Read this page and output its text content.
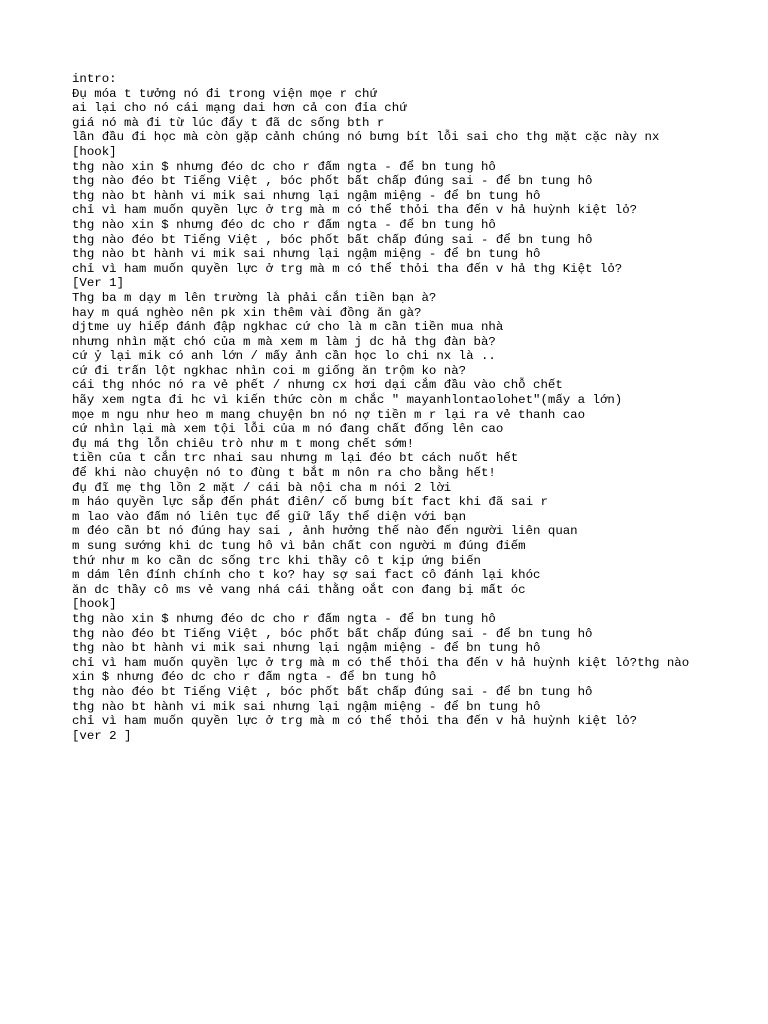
intro:
Đụ móa t tưởng nó đi trong viện mọe r chứ
ai lại cho nó cái mạng dai hơn cả con đỉa chứ
giá nó mà đi từ lúc đẩy t đã dc sống bth r
lần đầu đi học mà còn gặp cảnh chúng nó bưng bít lỗi sai cho thg mặt cặc này nx
[hook]
thg nào xin $ nhưng đéo dc cho r đấm ngta - để bn tung hô
thg nào đéo bt Tiếng Việt , bóc phốt bất chấp đúng sai - để bn tung hô
thg nào bt hành vi mik sai nhưng lại ngậm miệng - để bn tung hô
chỉ vì ham muốn quyền lực ở trg mà m có thể thỏi tha đến v hả huỳnh kiệt lỏ?
thg nào xin $ nhưng đéo dc cho r đấm ngta - để bn tung hô
thg nào đéo bt Tiếng Việt , bóc phốt bất chấp đúng sai - để bn tung hô
thg nào bt hành vi mik sai nhưng lại ngậm miệng - để bn tung hô
chỉ vì ham muốn quyền lực ở trg mà m có thể thỏi tha đến v hả thg Kiệt lỏ?
[Ver 1]
Thg ba m dạy m lên trường là phải cắn tiền bạn à?
hay m quá nghèo nên pk xin thêm vài đồng ăn gà?
djtme uy hiếp đánh đập ngkhac cứ cho là m cần tiền mua nhà
nhưng nhìn mặt chó của m mà xem m làm j dc hả thg đàn bà?
cứ ỷ lại mik có anh lớn / mấy ảnh cần học lo chi nx là ..
cứ đi trấn lột ngkhac nhìn coi m giống ăn trộm ko nà?
cái thg nhóc nó ra vẻ phết / nhưng cx hơi dại cắm đầu vào chỗ chết
hãy xem ngta đi hc vì kiến thức còn m chắc " mayanhlontaolohet"(mấy a lớn)
mọe m ngu như heo m mang chuyện bn nó nợ tiền m r lại ra vẻ thanh cao
cứ nhìn lại mà xem tội lỗi của m nó đang chất đống lên cao
đụ má thg lỗn chiêu trò như m t mong chết sớm!
tiền của t cắn trc nhai sau nhưng m lại đéo bt cách nuốt hết
để khi nào chuyện nó to đùng t bắt m nôn ra cho bằng hết!
đụ đĩ mẹ thg lồn 2 mặt / cái bà nội cha m nói 2 lời
m háo quyền lực sắp đến phát điên/ cố bưng bít fact khi đã sai r
m lao vào đấm nó liên tục để giữ lấy thể diện với bạn
m đéo cần bt nó đúng hay sai , ảnh hưởng thế nào đến người liên quan
m sung sướng khi dc tung hô vì bản chất con người m đúng điếm
thứ như m ko cần dc sống trc khi thầy cô t kịp ứng biến
m dám lên đính chính cho t ko? hay sợ sai fact cô đánh lại khóc
ăn dc thầy cô ms vẻ vang nhá cái thằng oắt con đang bị mất óc
[hook]
thg nào xin $ nhưng đéo dc cho r đấm ngta - để bn tung hô
thg nào đéo bt Tiếng Việt , bóc phốt bất chấp đúng sai - để bn tung hô
thg nào bt hành vi mik sai nhưng lại ngậm miệng - để bn tung hô
chỉ vì ham muốn quyền lực ở trg mà m có thể thỏi tha đến v hả huỳnh kiệt lỏ?thg nào
xin $ nhưng đéo dc cho r đấm ngta - để bn tung hô
thg nào đéo bt Tiếng Việt , bóc phốt bất chấp đúng sai - để bn tung hô
thg nào bt hành vi mik sai nhưng lại ngậm miệng - để bn tung hô
chỉ vì ham muốn quyền lực ở trg mà m có thể thỏi tha đến v hả huỳnh kiệt lỏ?
[ver 2 ]
